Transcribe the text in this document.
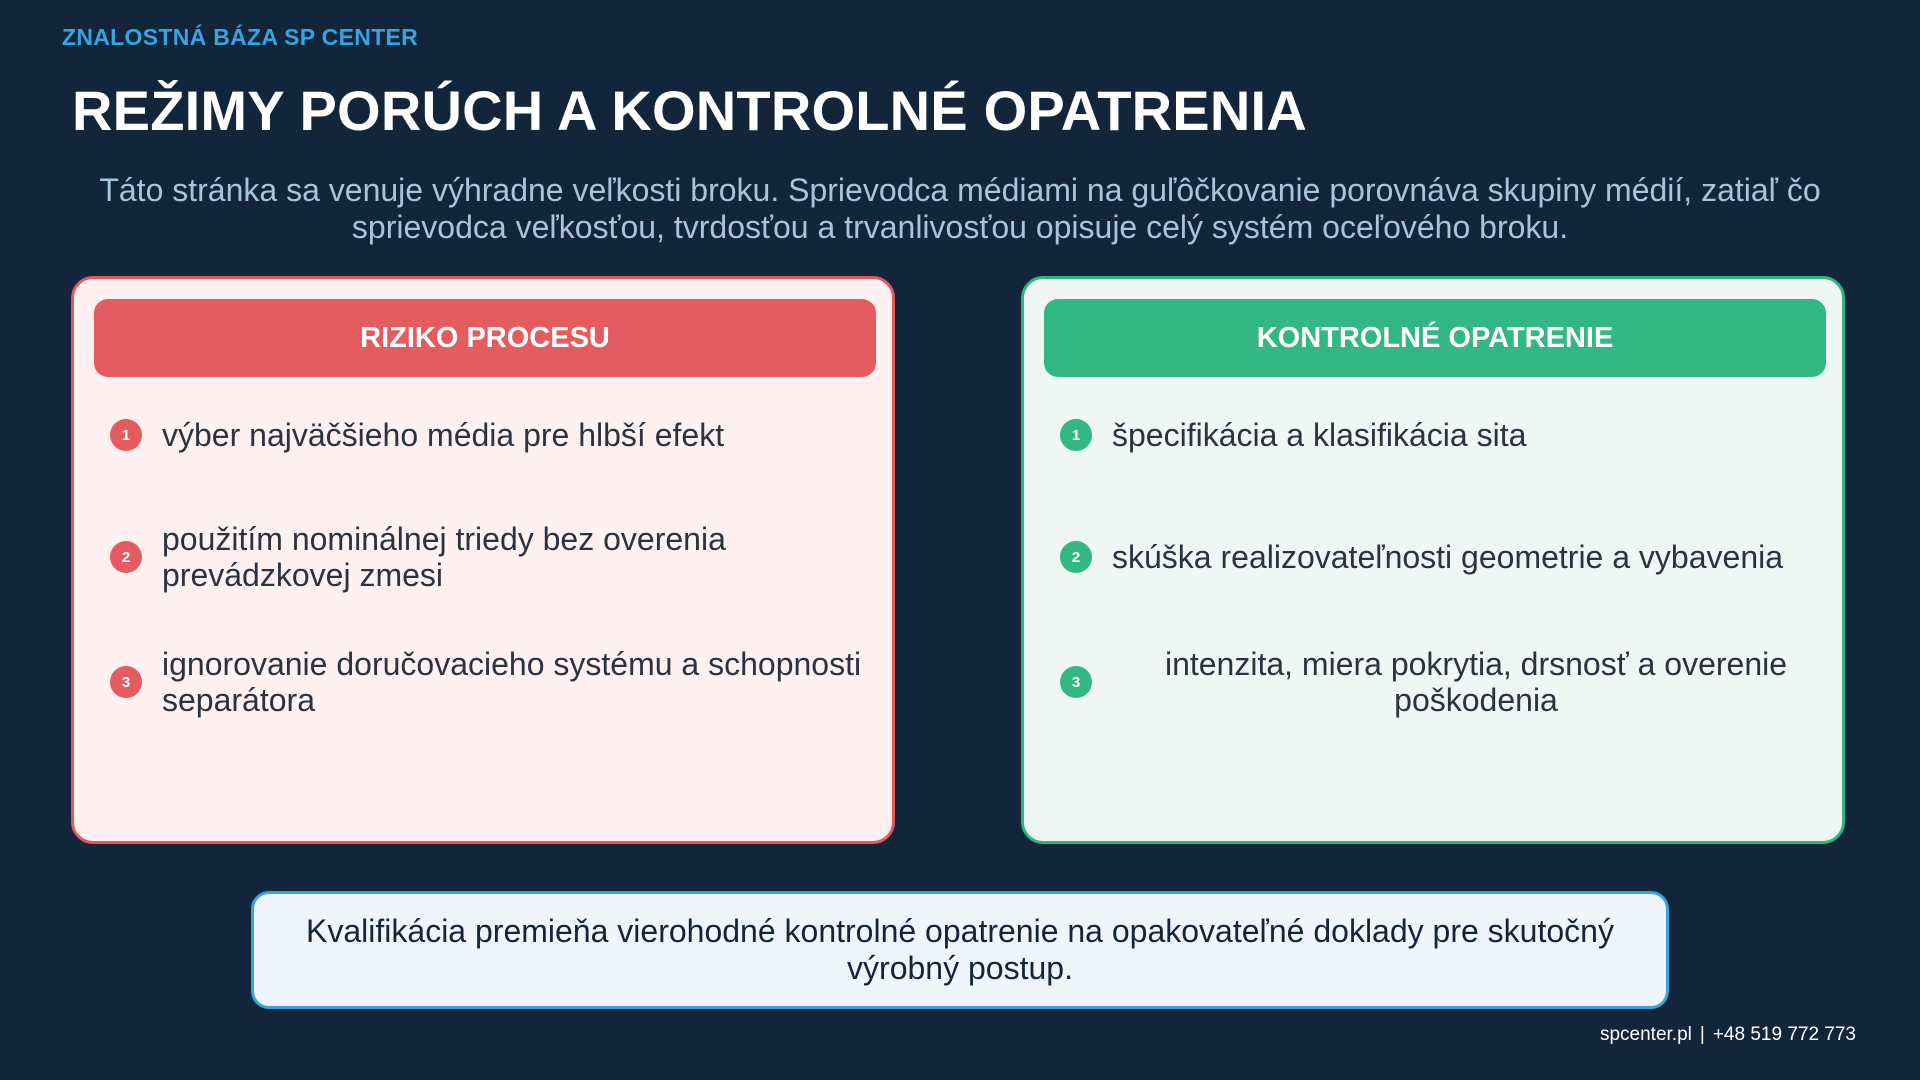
ZNALOSTNÁ BÁZA SP CENTER
REŽIMY PORÚCH A KONTROLNÉ OPATRENIA
Táto stránka sa venuje výhradne veľkosti broku. Sprievodca médiami na guľôčkovanie porovnáva skupiny médií, zatiaľ čo sprievodca veľkosťou, tvrdosťou a trvanlivosťou opisuje celý systém oceľového broku.
RIZIKO PROCESU
1 výber najväčšieho média pre hlbší efekt
2 použitím nominálnej triedy bez overenia prevádzkovej zmesi
3 ignorovanie doručovacieho systému a schopnosti separátora
KONTROLNÉ OPATRENIE
1 špecifikácia a klasifikácia sita
2 skúška realizovateľnosti geometrie a vybavenia
3	intenzita, miera pokrytia, drsnosť a overenie poškodenia
Kvalifikácia premieňa vierohodné kontrolné opatrenie na opakovateľné doklady pre skutočný výrobný postup.
spcenter.pl | +48 519 772 773
